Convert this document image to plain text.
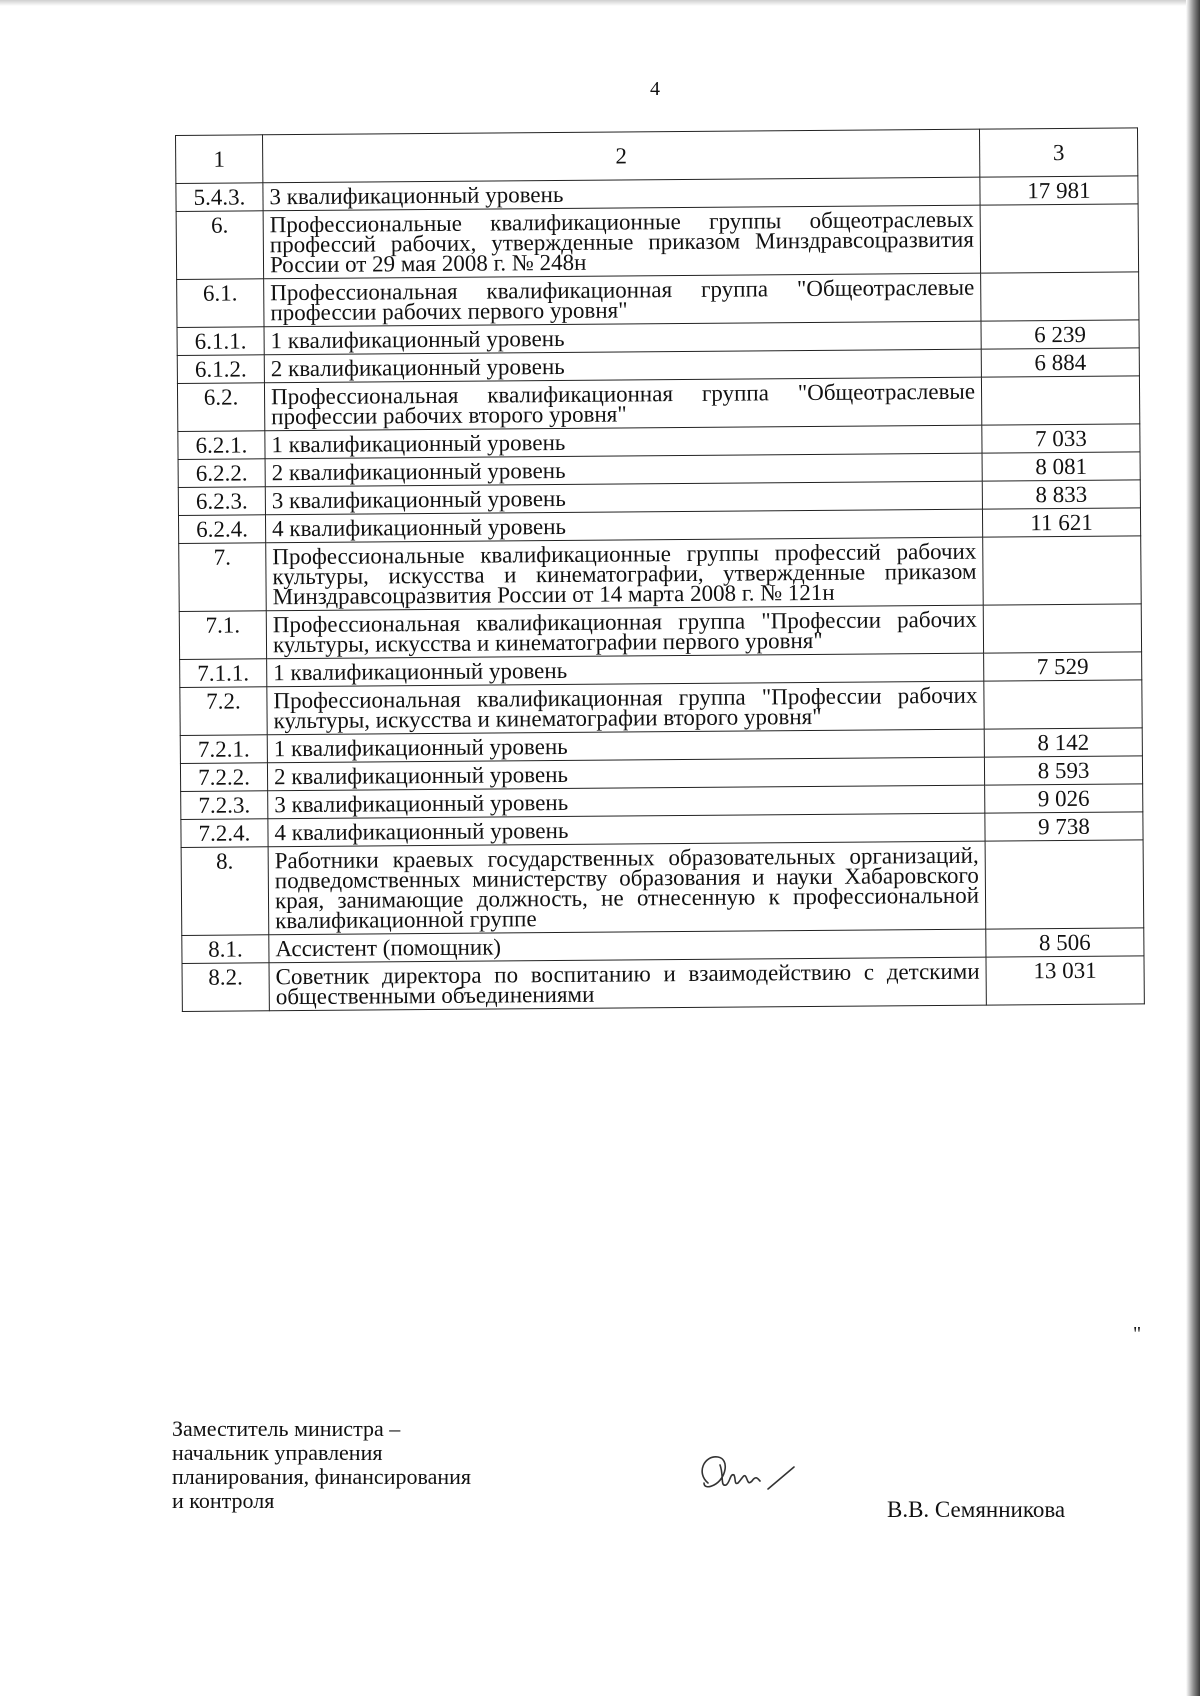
4
1	2	3
5.4.3.	3 квалификационный уровень	17 981
6.	Профессиональные квалификационные группы общеотраслевых профессий рабочих, утвержденные приказом Минздравсоцразвития России от 29 мая 2008 г. № 248н	
6.1.	Профессиональная квалификационная группа "Общеотраслевые профессии рабочих первого уровня"	
6.1.1.	1 квалификационный уровень	6 239
6.1.2.	2 квалификационный уровень	6 884
6.2.	Профессиональная квалификационная группа "Общеотраслевые профессии рабочих второго уровня"	
6.2.1.	1 квалификационный уровень	7 033
6.2.2.	2 квалификационный уровень	8 081
6.2.3.	3 квалификационный уровень	8 833
6.2.4.	4 квалификационный уровень	11 621
7.	Профессиональные квалификационные группы профессий рабочих культуры, искусства и кинематографии, утвержденные приказом Минздравсоцразвития России от 14 марта 2008 г. № 121н	
7.1.	Профессиональная квалификационная группа "Профессии рабочих культуры, искусства и кинематографии первого уровня"	
7.1.1.	1 квалификационный уровень	7 529
7.2.	Профессиональная квалификационная группа "Профессии рабочих культуры, искусства и кинематографии второго уровня"	
7.2.1.	1 квалификационный уровень	8 142
7.2.2.	2 квалификационный уровень	8 593
7.2.3.	3 квалификационный уровень	9 026
7.2.4.	4 квалификационный уровень	9 738
8.	Работники краевых государственных образовательных организаций, подведомственных министерству образования и науки Хабаровского края, занимающие должность, не отнесенную к профессиональной квалификационной группе	
8.1.	Ассистент (помощник)	8 506
8.2.	Советник директора по воспитанию и взаимодействию с детскими общественными объединениями	13 031
"
Заместитель министра –
начальник управления
планирования, финансирования
и контроля	В.В. Семянникова
